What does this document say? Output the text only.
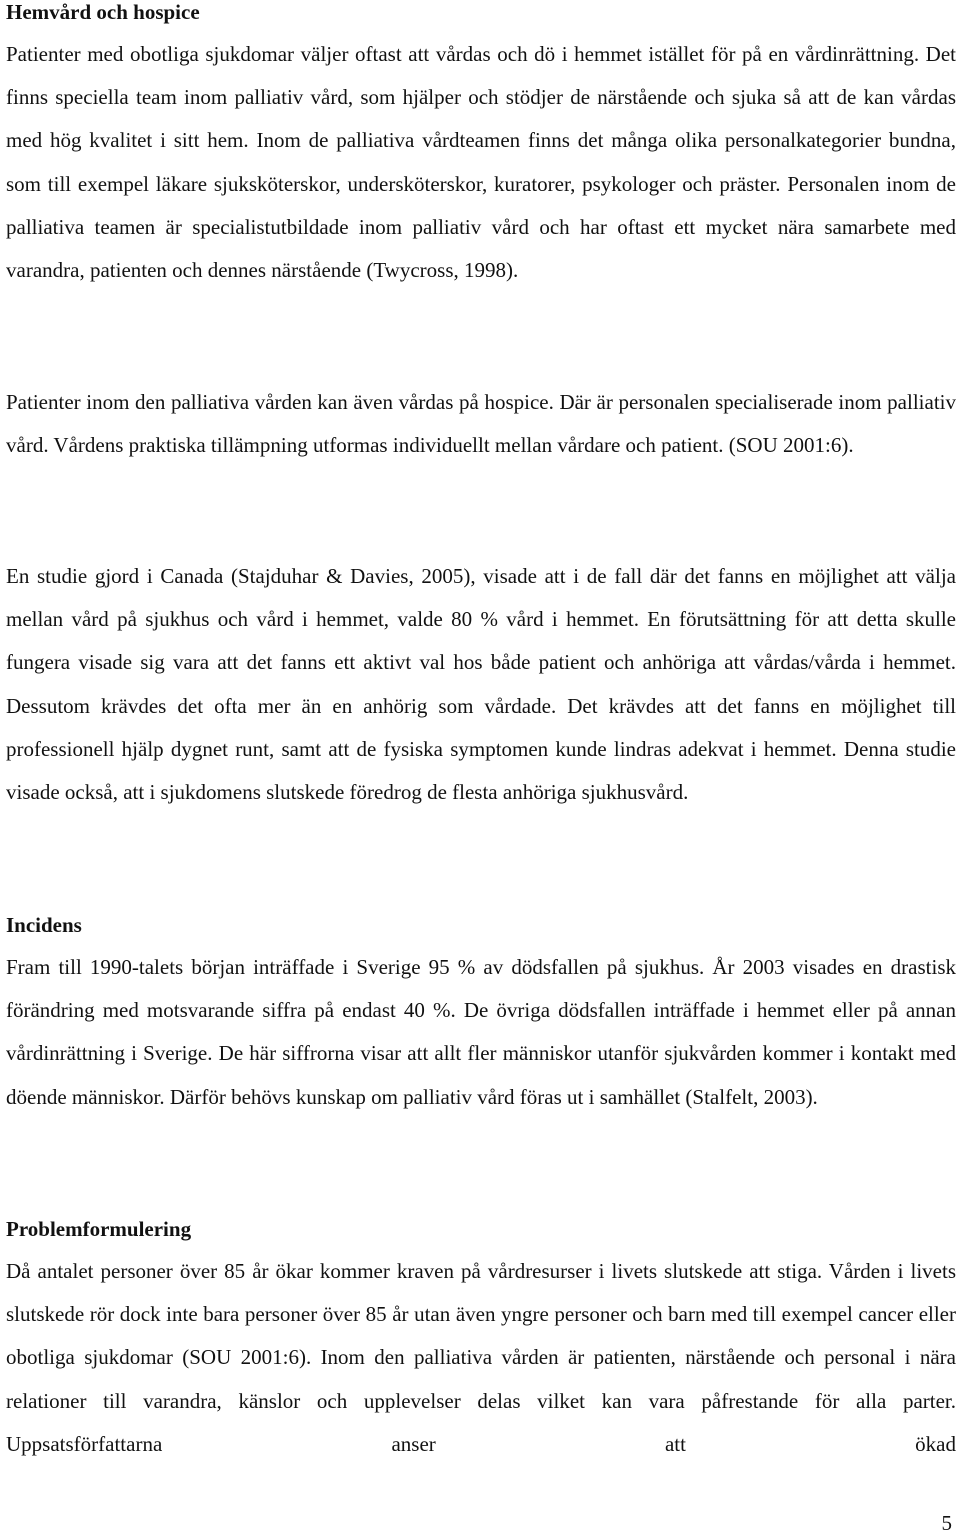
Hemvård och hospice

Patienter med obotliga sjukdomar väljer oftast att vårdas och dö i hemmet istället för på en vårdinrättning. Det finns speciella team inom palliativ vård, som hjälper och stödjer de närstående och sjuka så att de kan vårdas med hög kvalitet i sitt hem. Inom de palliativa vårdteamen finns det många olika personalkategorier bundna, som till exempel läkare sjuksköterskor, undersköterskor, kuratorer, psykologer och präster. Personalen inom de palliativa teamen är specialistutbildade inom palliativ vård och har oftast ett mycket nära samarbete med varandra, patienten och dennes närstående (Twycross, 1998).

Patienter inom den palliativa vården kan även vårdas på hospice. Där är personalen specialiserade inom palliativ vård. Vårdens praktiska tillämpning utformas individuellt mellan vårdare och patient. (SOU 2001:6).

En studie gjord i Canada (Stajduhar & Davies, 2005), visade att i de fall där det fanns en möjlighet att välja mellan vård på sjukhus och vård i hemmet, valde 80 % vård i hemmet. En förutsättning för att detta skulle fungera visade sig vara att det fanns ett aktivt val hos både patient och anhöriga att vårdas/vårda i hemmet. Dessutom krävdes det ofta mer än en anhörig som vårdade. Det krävdes att det fanns en möjlighet till professionell hjälp dygnet runt, samt att de fysiska symptomen kunde lindras adekvat i hemmet. Denna studie visade också, att i sjukdomens slutskede föredrog de flesta anhöriga sjukhusvård.

Incidens

Fram till 1990-talets början inträffade i Sverige 95 % av dödsfallen på sjukhus. År 2003 visades en drastisk förändring med motsvarande siffra på endast 40 %. De övriga dödsfallen inträffade i hemmet eller på annan vårdinrättning i Sverige. De här siffrorna visar att allt fler människor utanför sjukvården kommer i kontakt med döende människor. Därför behövs kunskap om palliativ vård föras ut i samhället (Stalfelt, 2003).

Problemformulering

Då antalet personer över 85 år ökar kommer kraven på vårdresurser i livets slutskede att stiga. Vården i livets slutskede rör dock inte bara personer över 85 år utan även yngre personer och barn med till exempel cancer eller obotliga sjukdomar (SOU 2001:6). Inom den palliativa vården är patienten, närstående och personal i nära relationer till varandra, känslor och upplevelser delas vilket kan vara påfrestande för alla parter. Uppsatsförfattarna anser att ökad

5
